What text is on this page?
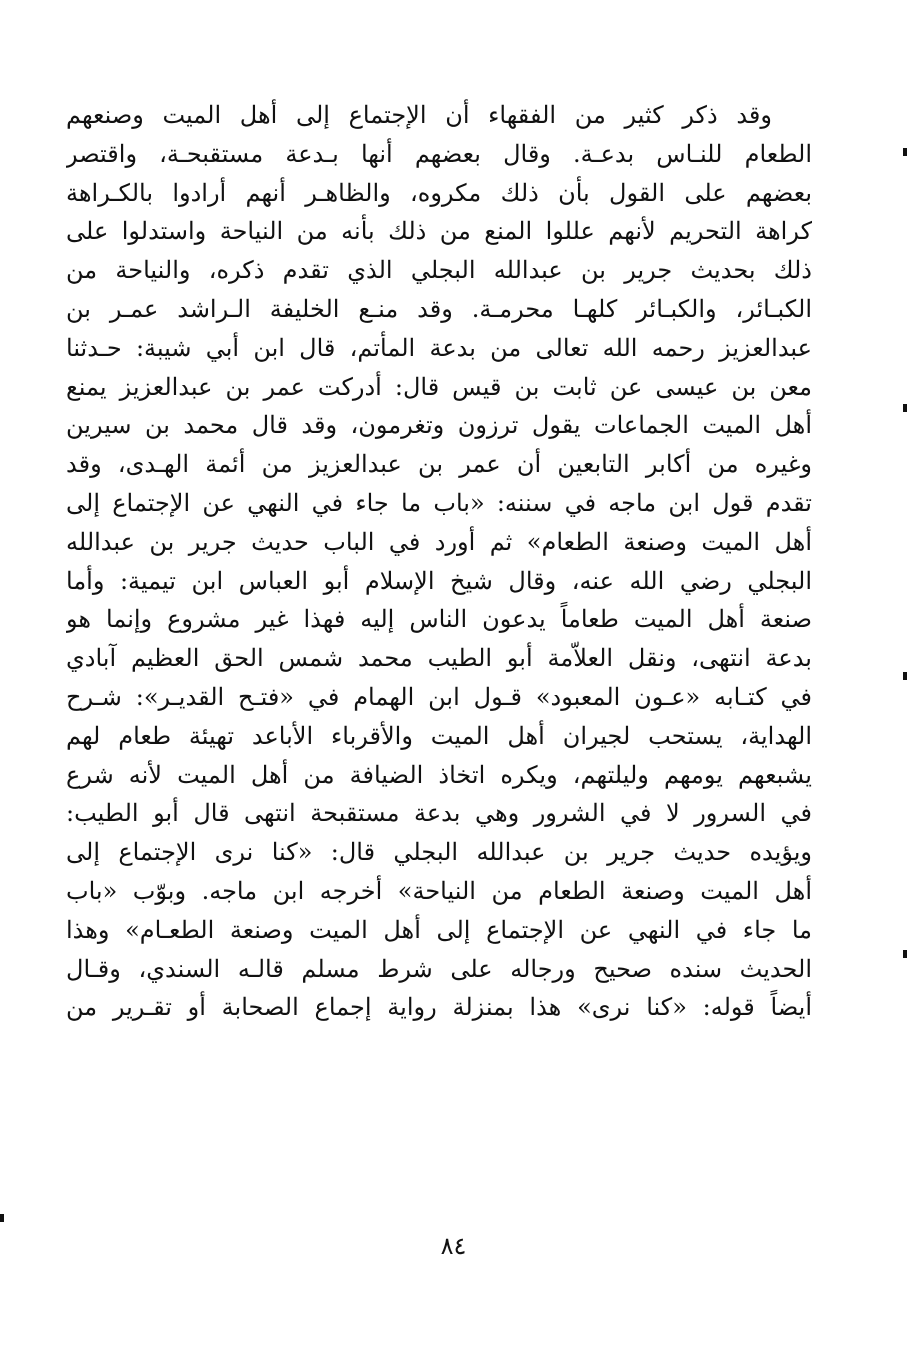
وقد ذكر كثير من الفقهاء أن الإجتماع إلى أهل الميت وصنعهم
الطعام للنـاس بدعـة. وقال بعضهم أنها بـدعة مستقبحـة، واقتصر
بعضهم على القول بأن ذلك مكروه، والظاهـر أنهم أرادوا بالكـراهة
كراهة التحريم لأنهم عللوا المنع من ذلك بأنه من النياحة واستدلوا على
ذلك بحديث جرير بن عبدالله البجلي الذي تقدم ذكره، والنياحة من
الكبـائر، والكبـائر كلهـا محرمـة. وقد منـع الخليفة الـراشد عمـر بن
عبدالعزيز رحمه الله تعالى من بدعة المأتم، قال ابن أبي شيبة: حـدثنا
معن بن عيسى عن ثابت بن قيس قال: أدركت عمر بن عبدالعزيز يمنع
أهل الميت الجماعات يقول ترزون وتغرمون، وقد قال محمد بن سيرين
وغيره من أكابر التابعين أن عمر بن عبدالعزيز من أئمة الهـدى، وقد
تقدم قول ابن ماجه في سننه: «باب ما جاء في النهي عن الإجتماع إلى
أهل الميت وصنعة الطعام» ثم أورد في الباب حديث جرير بن عبدالله
البجلي رضي الله عنه، وقال شيخ الإسلام أبو العباس ابن تيمية: وأما
صنعة أهل الميت طعاماً يدعون الناس إليه فهذا غير مشروع وإنما هو
بدعة انتهى، ونقل العلاّمة أبو الطيب محمد شمس الحق العظيم آبادي
في كتـابه «عـون المعبود» قـول ابن الهمام في «فتـح القديـر»: شـرح
الهداية، يستحب لجيران أهل الميت والأقرباء الأباعد تهيئة طعام لهم
يشبعهم يومهم وليلتهم، ويكره اتخاذ الضيافة من أهل الميت لأنه شرع
في السرور لا في الشرور وهي بدعة مستقبحة انتهى قال أبو الطيب:
ويؤيده حديث جرير بن عبدالله البجلي قال: «كنا نرى الإجتماع إلى
أهل الميت وصنعة الطعام من النياحة» أخرجه ابن ماجه. وبوّب «باب
ما جاء في النهي عن الإجتماع إلى أهل الميت وصنعة الطعـام» وهذا
الحديث سنده صحيح ورجاله على شرط مسلم قالـه السندي، وقـال
أيضاً قوله: «كنا نرى» هذا بمنزلة رواية إجماع الصحابة أو تقـرير من
٨٤
